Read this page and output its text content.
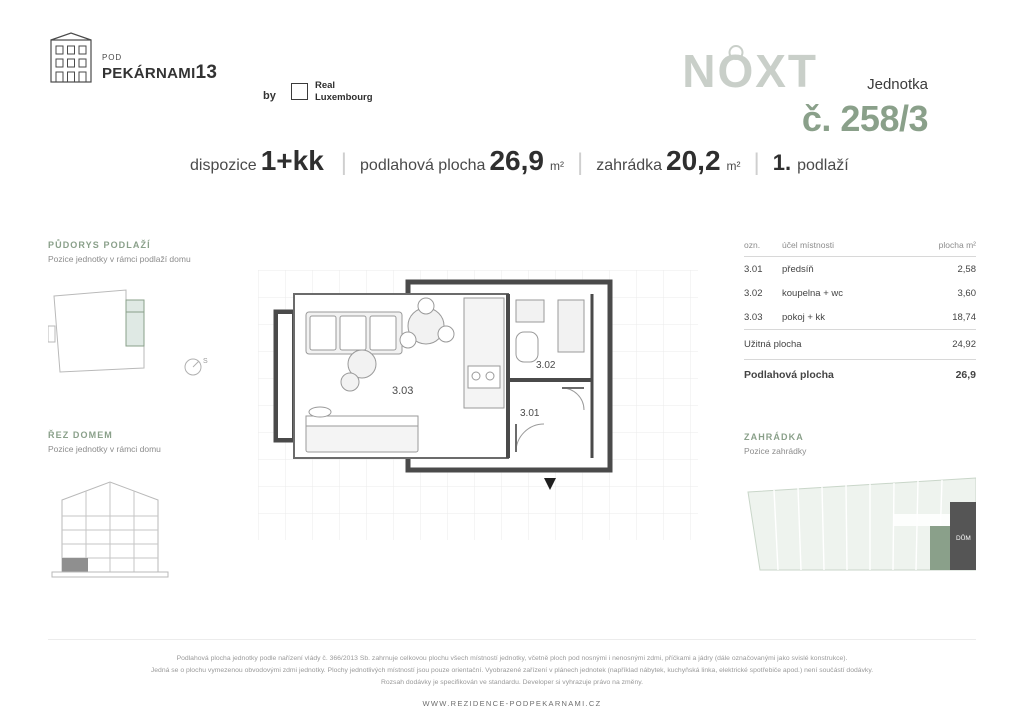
POD
PEKÁRNAMI13
by
Real
Luxembourg
NOXT	Jednotka
č. 258/3
dispozice 1+kk | podlahová plocha 26,9 m² | zahrádka 20,2 m² | 1. podlaží
PŮDORYS PODLAŽÍ
Pozice jednotky v rámci podlaží domu

S
ŘEZ DOMEM
Pozice jednotky v rámci domu
3.03
3.02
3.01
ozn.	účel místnosti	plocha m²
3.01	předsíň	2,58
3.02	koupelna + wc	3,60
3.03	pokoj + kk	18,74
Užitná plocha	24,92
Podlahová plocha	26,9
ZAHRÁDKA
Pozice zahrádky
DŮM
Podlahová plocha jednotky podle nařízení vlády č. 366/2013 Sb. zahrnuje celkovou plochu všech místností jednotky, včetně ploch pod nosnými i nenosnými zdmi, příčkami a jádry (dále označovanými jako svislé konstrukce).
Jedná se o plochu vymezenou obvodovými zdmi jednotky. Plochy jednotlivých místností jsou pouze orientační. Vyobrazené zařízení v plánech jednotek (například nábytek, kuchyňská linka, elektrické spotřebiče apod.) není součástí dodávky.
Rozsah dodávky je specifikován ve standardu. Developer si vyhrazuje právo na změny.
WWW.REZIDENCE-PODPEKARNAMI.CZ
